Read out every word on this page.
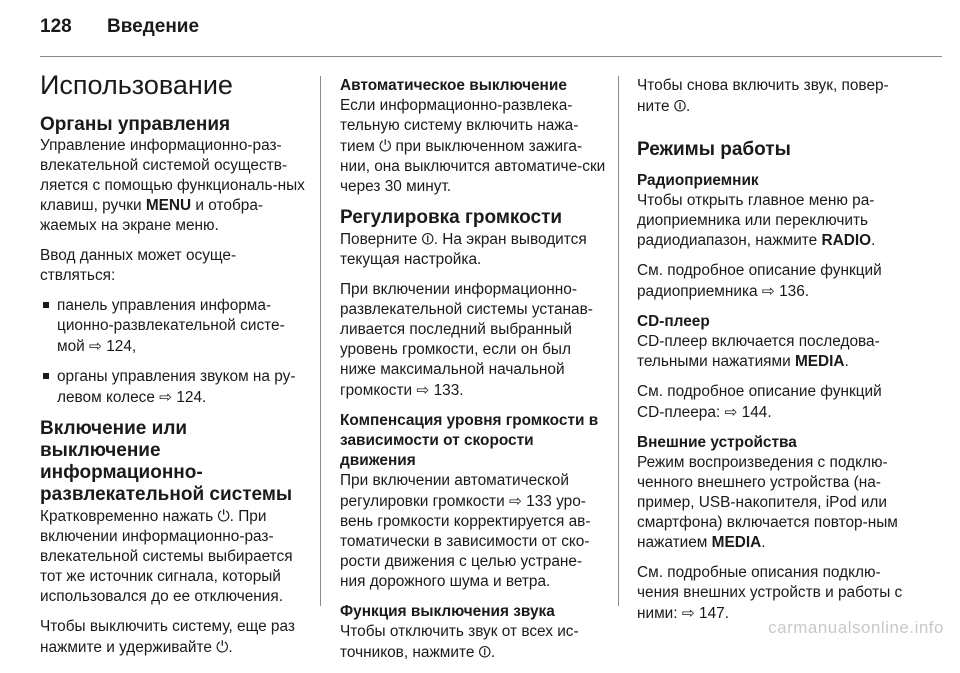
128 Введение
Использование
Органы управления

Управление информационно-раз-влекательной системой осуществ-ляется с помощью функциональ-ных клавиш, ручки MENU и отобра-жаемых на экране меню.

Ввод данных может осуще-ствляться:

панель управления информа-ционно-развлекательной систе-мой ⇨ 124,
органы управления звуком на ру-левом колесе ⇨ 124.
Включение или выключение информационно-развлекательной системы

Кратковременно нажать ⏻. При включении информационно-раз-влекательной системы выбирается тот же источник сигнала, который использовался до ее отключения.

Чтобы выключить систему, еще раз нажмите и удерживайте ⏻.

Автоматическое выключение

Если информационно-развлека-тельную систему включить нажа-тием ⏻ при выключенном зажига-нии, она выключится автоматиче-ски через 30 минут.

Регулировка громкости

Поверните ⏼. На экран выводится текущая настройка.

При включении информационно-развлекательной системы устанав-ливается последний выбранный уровень громкости, если он был ниже максимальной начальной громкости ⇨ 133.

Компенсация уровня громкости в зависимости от скорости движения

При включении автоматической регулировки громкости ⇨ 133 уро- вень громкости корректируется ав-томатически в зависимости от ско-рости движения с целью устране-ния дорожного шума и ветра.

Функция выключения звука

Чтобы отключить звук от всех ис-точников, нажмите ⏼.

Чтобы снова включить звук, повер-ните ⏼.

Режимы работы
Радиоприемник

Чтобы открыть главное меню ра-диоприемника или переключить радиодиапазон, нажмите RADIO.

См. подробное описание функций радиоприемника ⇨ 136.

CD-плеер

CD-плеер включается последова-тельными нажатиями MEDIA.

См. подробное описание функций CD-плеера: ⇨ 144.

Внешние устройства

Режим воспроизведения с подклю-ченного внешнего устройства (на-пример, USB-накопителя, iPod или смартфона) включается повтор-ным нажатием MEDIA.

См. подробные описания подклю-чения внешних устройств и работы с ними: ⇨ 147.

carmanualsonline.info
